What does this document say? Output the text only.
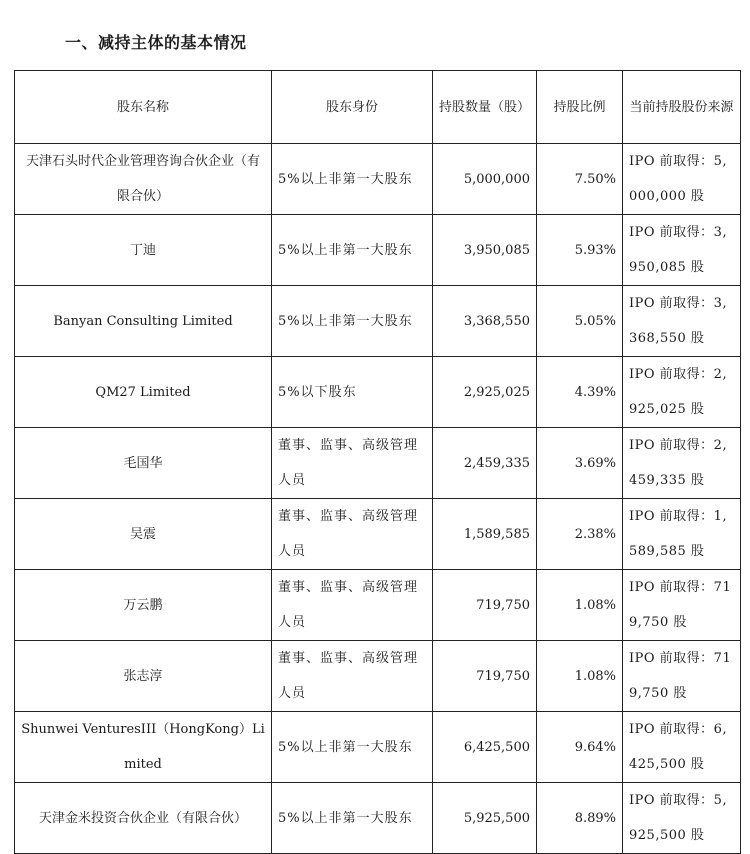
一、减持主体的基本情况
股东名称	股东身份	持股数量（股）	持股比例	当前持股股份来源

天津石头时代企业管理咨询合伙企业（有限合伙）	5%以上非第一大股东	5,000,000	7.50%	IPO 前取得：5,000,000 股

丁迪	5%以上非第一大股东	3,950,085	5.93%	IPO 前取得：3,950,085 股

Banyan Consulting Limited	5%以上非第一大股东	3,368,550	5.05%	IPO 前取得：3,368,550 股

QM27 Limited	5%以下股东	2,925,025	4.39%	IPO 前取得：2,925,025 股

毛国华	董事、监事、高级管理人员	2,459,335	3.69%	IPO 前取得：2,459,335 股

吴震	董事、监事、高级管理人员	1,589,585	2.38%	IPO 前取得：1,589,585 股

万云鹏	董事、监事、高级管理人员	719,750	1.08%	IPO 前取得：719,750 股

张志淳	董事、监事、高级管理人员	719,750	1.08%	IPO 前取得：719,750 股

Shunwei VenturesIII（HongKong）Limited	5%以上非第一大股东	6,425,500	9.64%	IPO 前取得：6,425,500 股

天津金米投资合伙企业（有限合伙）	5%以上非第一大股东	5,925,500	8.89%	IPO 前取得：5,925,500 股
